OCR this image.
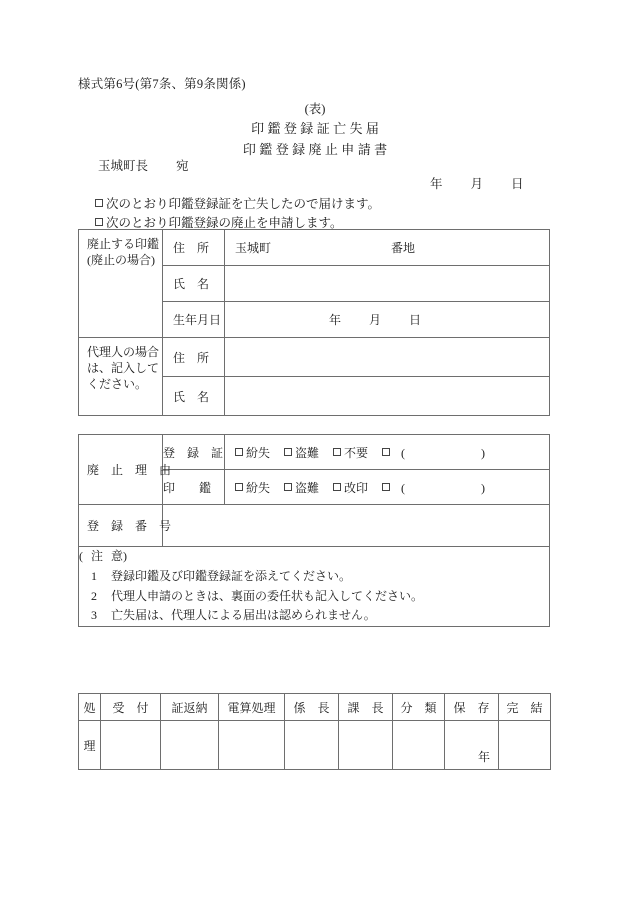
様式第6号(第7条、第9条関係)
(表)
印鑑登録証亡失届
印鑑登録廃止申請書
玉城町長 宛
年 月 日
次のとおり印鑑登録証を亡失したので届けます。
次のとおり印鑑登録の廃止を申請します。
廃止する印鑑
(廃止の場合)	住　所	玉城町 番地
	氏　名	
	生年月日	年 月 日

代理人の場合
は、記入して
ください。	住　所	
	氏　名	
廃　止　理　由	登　録　証	紛失 盗難 不要 ( )
	印　　鑑	紛失 盗難 改印 ( )
登　録　番　号		

(注意)
1 登録印鑑及び印鑑登録証を添えてください。
2 代理人申請のときは、裏面の委任状も記入してください。
3 亡失届は、代理人による届出は認められません。		
処	受　付	証返納	電算処理	係　長	課　長	分　類	保　存	完　結
理							年	
